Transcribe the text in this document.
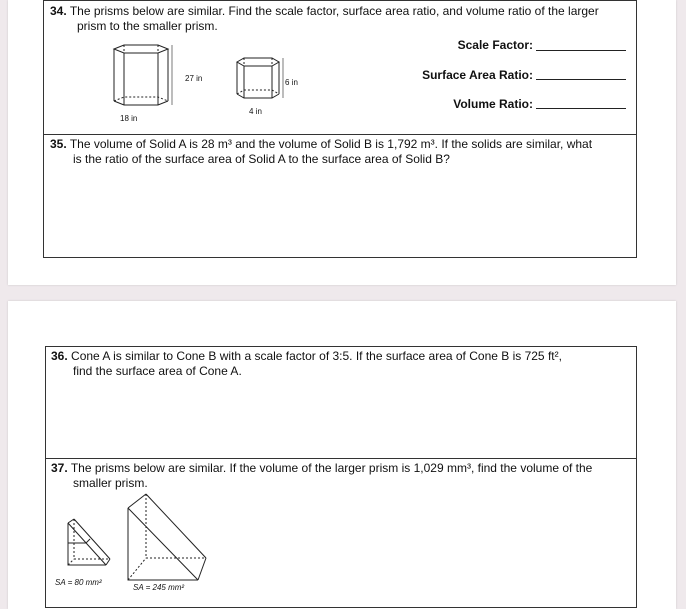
34. The prisms below are similar. Find the scale factor, surface area ratio, and volume ratio of the larger
prism to the smaller prism.
27 in
18 in
6 in
4 in
Scale Factor:
Surface Area Ratio:
Volume Ratio:
35. The volume of Solid A is 28 m³ and the volume of Solid B is 1,792 m³. If the solids are similar, what
is the ratio of the surface area of Solid A to the surface area of Solid B?
36. Cone A is similar to Cone B with a scale factor of 3:5. If the surface area of Cone B is 725 ft²,
find the surface area of Cone A.
37. The prisms below are similar. If the volume of the larger prism is 1,029 mm³, find the volume of the
smaller prism.
SA = 80 mm²
SA = 245 mm²
